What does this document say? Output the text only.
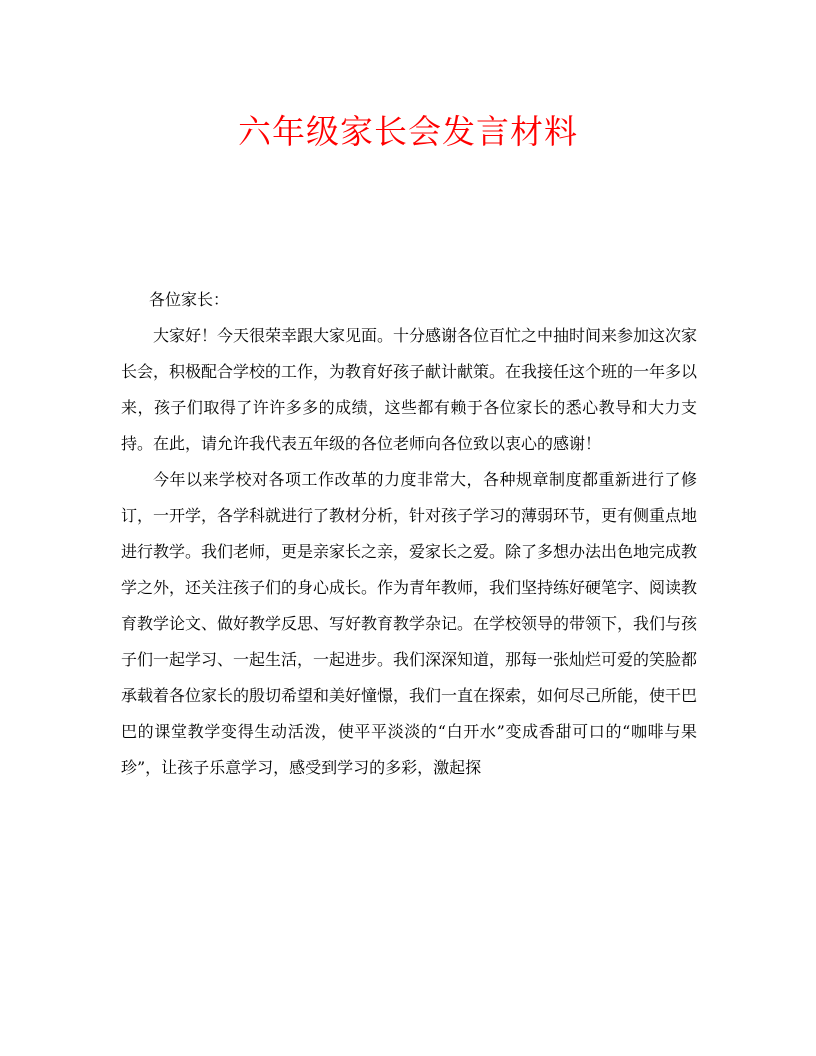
六年级家长会发言材料

各位家长：

大家好！今天很荣幸跟大家见面。十分感谢各位百忙之中抽时间来参加这次家长会，积极配合学校的工作，为教育好孩子献计献策。在我接任这个班的一年多以来，孩子们取得了许许多多的成绩，这些都有赖于各位家长的悉心教导和大力支持。在此，请允许我代表五年级的各位老师向各位致以衷心的感谢！

今年以来学校对各项工作改革的力度非常大，各种规章制度都重新进行了修订，一开学，各学科就进行了教材分析，针对孩子学习的薄弱环节，更有侧重点地进行教学。我们老师，更是亲家长之亲，爱家长之爱。除了多想办法出色地完成教学之外，还关注孩子们的身心成长。作为青年教师，我们坚持练好硬笔字、阅读教育教学论文、做好教学反思、写好教育教学杂记。在学校领导的带领下，我们与孩子们一起学习、一起生活，一起进步。我们深深知道，那每一张灿烂可爱的笑脸都承载着各位家长的殷切希望和美好憧憬，我们一直在探索，如何尽己所能，使干巴巴的课堂教学变得生动活泼，使平平淡淡的“白开水”变成香甜可口的“咖啡与果珍”，让孩子乐意学习，感受到学习的多彩，激起探
